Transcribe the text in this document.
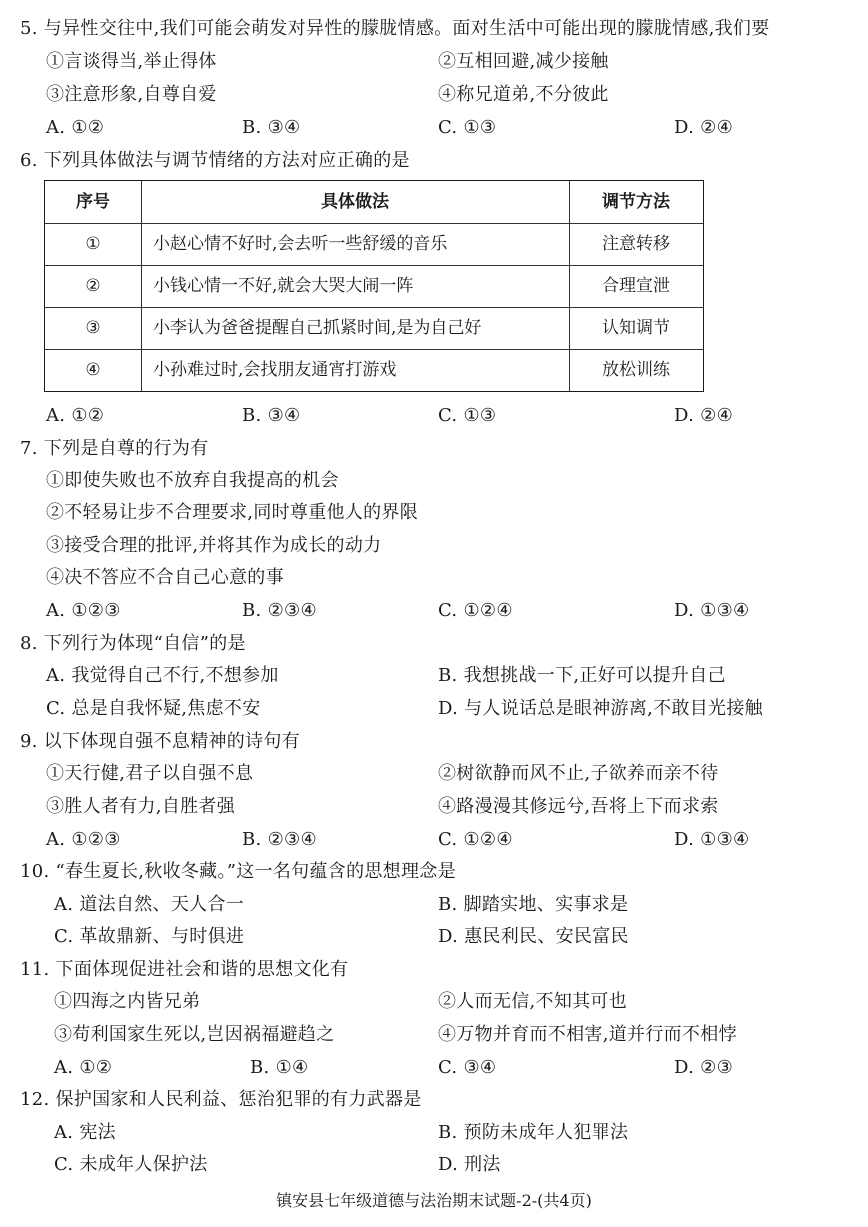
5. 与异性交往中,我们可能会萌发对异性的朦胧情感。面对生活中可能出现的朦胧情感,我们要
①言谈得当,举止得体	②互相回避,减少接触
③注意形象,自尊自爱	④称兄道弟,不分彼此
A. ①②	B. ③④	C. ①③	D. ②④
6. 下列具体做法与调节情绪的方法对应正确的是
序号	具体做法	调节方法
①	小赵心情不好时,会去听一些舒缓的音乐	注意转移
②	小钱心情一不好,就会大哭大闹一阵	合理宣泄
③	小李认为爸爸提醒自己抓紧时间,是为自己好	认知调节
④	小孙难过时,会找朋友通宵打游戏	放松训练
A. ①②	B. ③④	C. ①③	D. ②④
7. 下列是自尊的行为有
①即使失败也不放弃自我提高的机会
②不轻易让步不合理要求,同时尊重他人的界限
③接受合理的批评,并将其作为成长的动力
④决不答应不合自己心意的事
A. ①②③	B. ②③④	C. ①②④	D. ①③④
8. 下列行为体现“自信”的是
A. 我觉得自己不行,不想参加	B. 我想挑战一下,正好可以提升自己
C. 总是自我怀疑,焦虑不安	D. 与人说话总是眼神游离,不敢目光接触
9. 以下体现自强不息精神的诗句有
①天行健,君子以自强不息	②树欲静而风不止,子欲养而亲不待
③胜人者有力,自胜者强	④路漫漫其修远兮,吾将上下而求索
A. ①②③	B. ②③④	C. ①②④	D. ①③④
10. “春生夏长,秋收冬藏。”这一名句蕴含的思想理念是
A. 道法自然、天人合一	B. 脚踏实地、实事求是
C. 革故鼎新、与时俱进	D. 惠民利民、安民富民
11. 下面体现促进社会和谐的思想文化有
①四海之内皆兄弟	②人而无信,不知其可也
③苟利国家生死以,岂因祸福避趋之	④万物并育而不相害,道并行而不相悖
A. ①②	B. ①④	C. ③④	D. ②③
12. 保护国家和人民利益、惩治犯罪的有力武器是
A. 宪法	B. 预防未成年人犯罪法
C. 未成年人保护法	D. 刑法
镇安县七年级道德与法治期末试题-2-(共4页)
